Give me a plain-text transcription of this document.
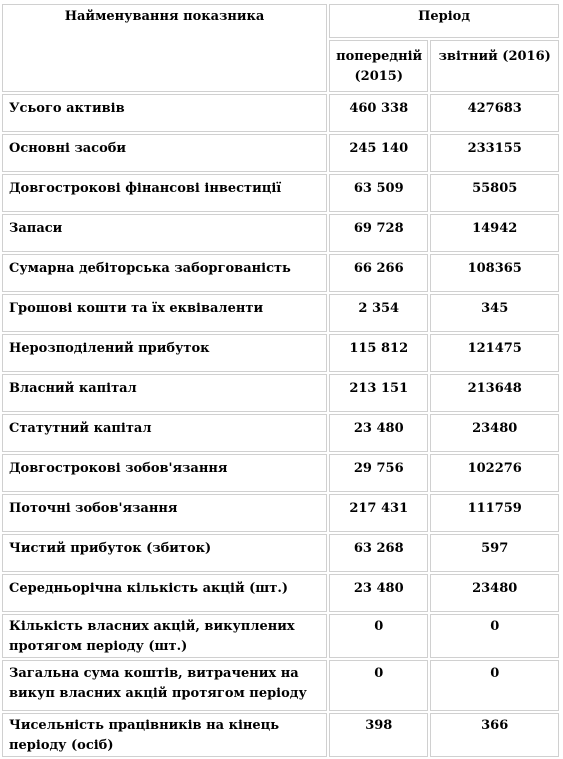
Найменування показника	Період	
	попередній (2015)	звітний (2016)
Усього активів	460 338	427683
Основні засоби	245 140	233155
Довгострокові фінансові інвестиції	63 509	55805
Запаси	69 728	14942
Сумарна дебіторська заборгованість	66 266	108365
Грошові кошти та їх еквіваленти	2 354	345
Нерозподілений прибуток	115 812	121475
Власний капітал	213 151	213648
Статутний капітал	23 480	23480
Довгострокові зобов'язання	29 756	102276
Поточні зобов'язання	217 431	111759
Чистий прибуток (збиток)	63 268	597
Середньорічна кількість акцій (шт.)	23 480	23480
Кількість власних акцій, викуплених протягом періоду (шт.)	0	0
Загальна сума коштів, витрачених на викуп власних акцій протягом періоду	0	0
Чисельність працівників на кінець періоду (осіб)	398	366
